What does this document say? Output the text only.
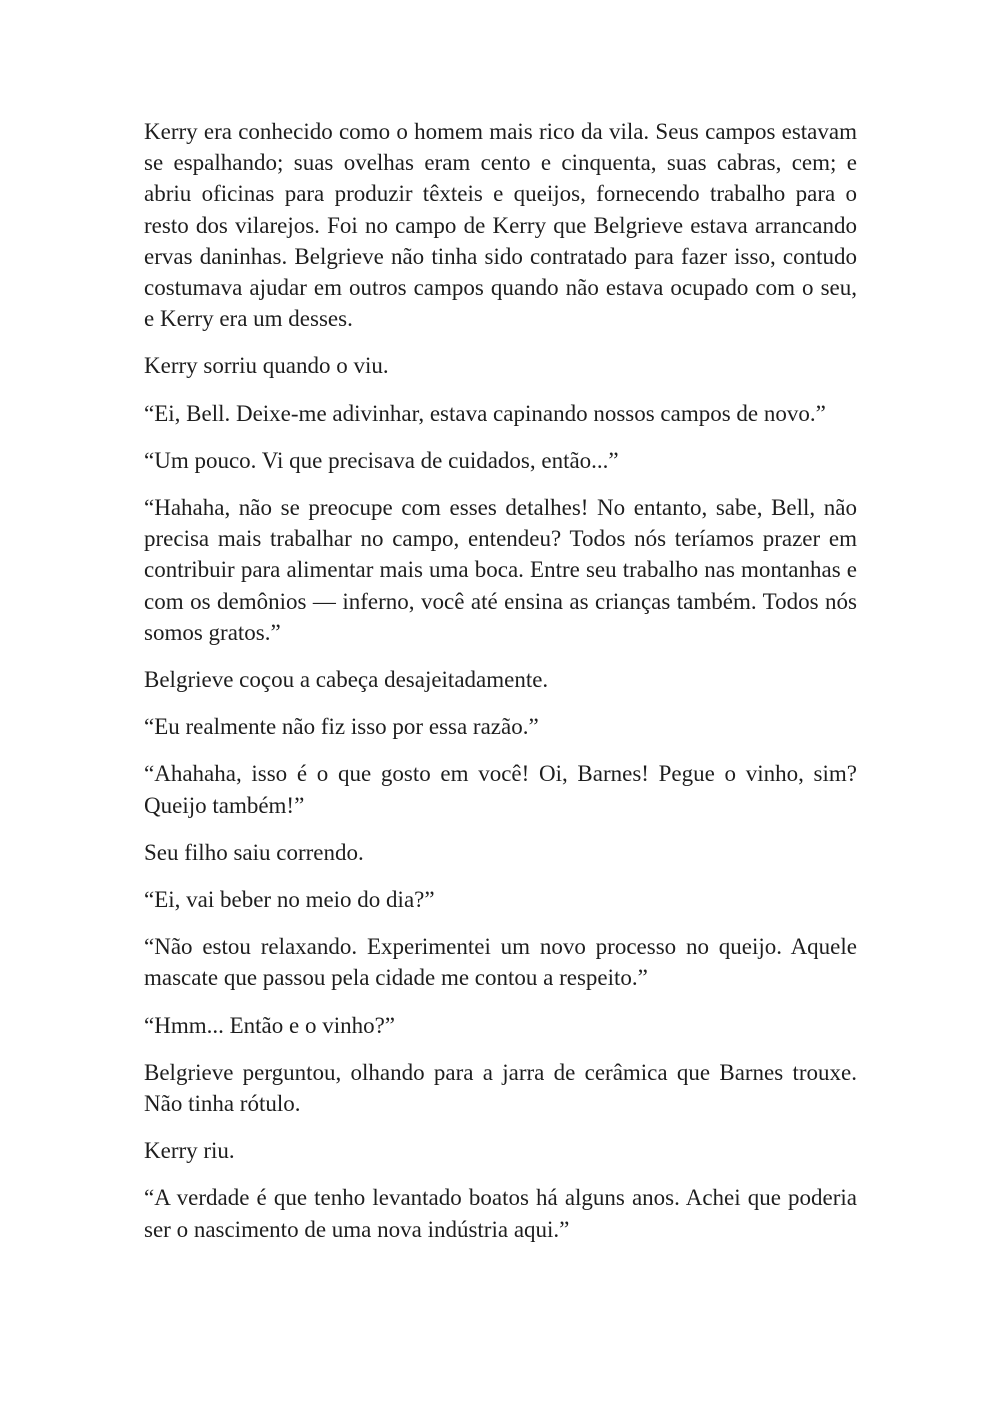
Kerry era conhecido como o homem mais rico da vila. Seus campos estavam se espalhando; suas ovelhas eram cento e cinquenta, suas cabras, cem; e abriu oficinas para produzir têxteis e queijos, fornecendo trabalho para o resto dos vilarejos. Foi no campo de Kerry que Belgrieve estava arrancando ervas daninhas. Belgrieve não tinha sido contratado para fazer isso, contudo costumava ajudar em outros campos quando não estava ocupado com o seu, e Kerry era um desses.

Kerry sorriu quando o viu.

“Ei, Bell. Deixe-me adivinhar, estava capinando nossos campos de novo.”

“Um pouco. Vi que precisava de cuidados, então...”

“Hahaha, não se preocupe com esses detalhes! No entanto, sabe, Bell, não precisa mais trabalhar no campo, entendeu? Todos nós teríamos prazer em contribuir para alimentar mais uma boca. Entre seu trabalho nas montanhas e com os demônios — inferno, você até ensina as crianças também. Todos nós somos gratos.”

Belgrieve coçou a cabeça desajeitadamente.

“Eu realmente não fiz isso por essa razão.”

“Ahahaha, isso é o que gosto em você! Oi, Barnes! Pegue o vinho, sim? Queijo também!”

Seu filho saiu correndo.

“Ei, vai beber no meio do dia?”

“Não estou relaxando. Experimentei um novo processo no queijo. Aquele mascate que passou pela cidade me contou a respeito.”

“Hmm... Então e o vinho?”

Belgrieve perguntou, olhando para a jarra de cerâmica que Barnes trouxe. Não tinha rótulo.

Kerry riu.

“A verdade é que tenho levantado boatos há alguns anos. Achei que poderia ser o nascimento de uma nova indústria aqui.”
